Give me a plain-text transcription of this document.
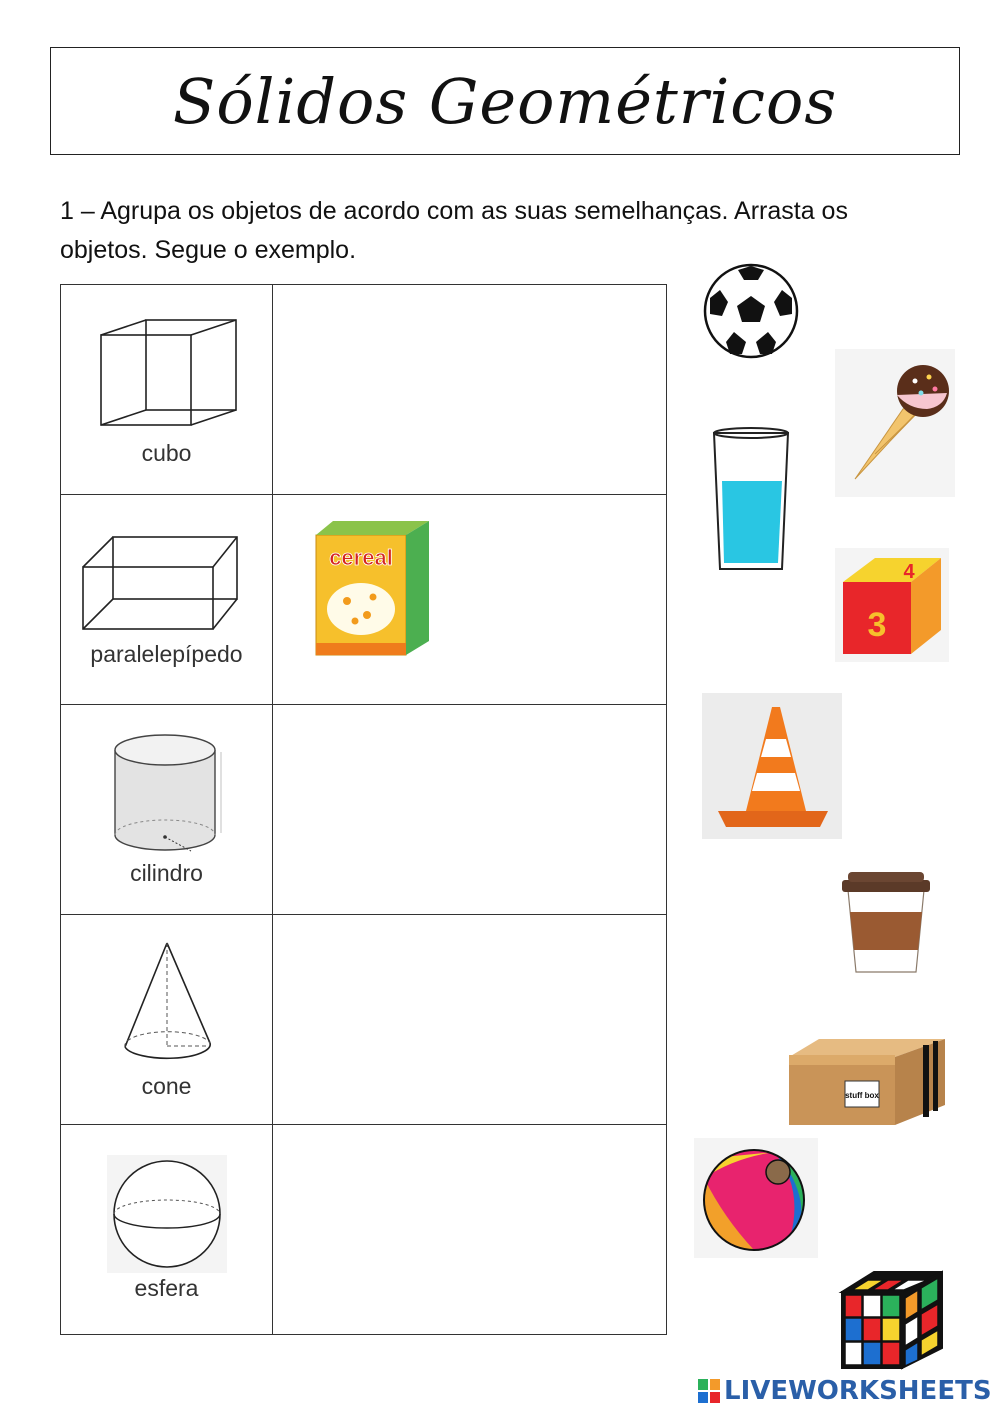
Sólidos Geométricos
1 – Agrupa os objetos de acordo com as suas semelhanças. Arrasta os objetos. Segue o exemplo.
cubo	

paralelepípedo	cereal

cilindro	

cone	

esfera	

3
4
stuff box
LIVEWORKSHEETS
